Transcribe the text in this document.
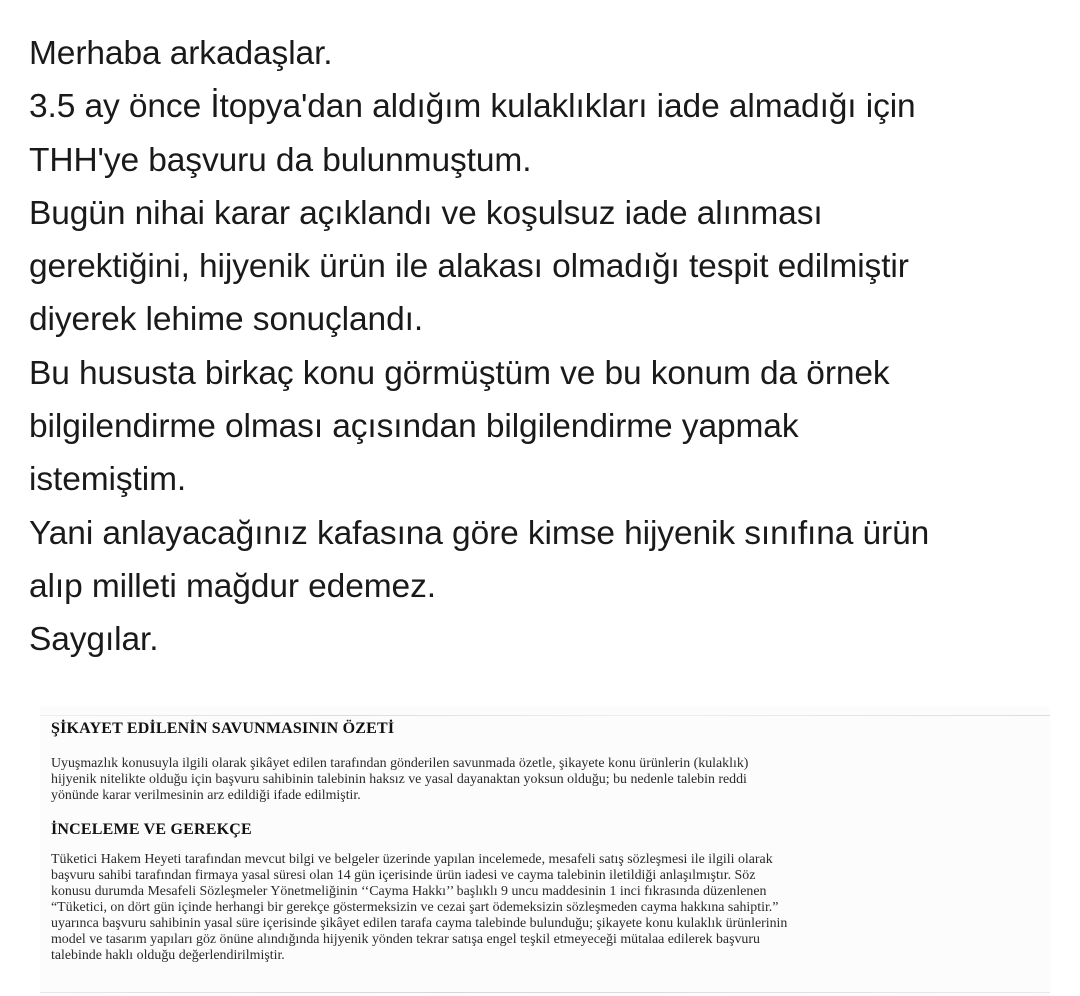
Merhaba arkadaşlar.
3.5 ay önce İtopya'dan aldığım kulaklıkları iade almadığı için
THH'ye başvuru da bulunmuştum.
Bugün nihai karar açıklandı ve koşulsuz iade alınması
gerektiğini, hijyenik ürün ile alakası olmadığı tespit edilmiştir
diyerek lehime sonuçlandı.
Bu hususta birkaç konu görmüştüm ve bu konum da örnek
bilgilendirme olması açısından bilgilendirme yapmak
istemiştim.
Yani anlayacağınız kafasına göre kimse hijyenik sınıfına ürün
alıp milleti mağdur edemez.
Saygılar.
ŞİKAYET EDİLENİN SAVUNMASININ ÖZETİ
Uyuşmazlık konusuyla ilgili olarak şikâyet edilen tarafından gönderilen savunmada özetle, şikayete konu ürünlerin (kulaklık)
hijyenik nitelikte olduğu için başvuru sahibinin talebinin haksız ve yasal dayanaktan yoksun olduğu; bu nedenle talebin reddi
yönünde karar verilmesinin arz edildiği ifade edilmiştir.
İNCELEME VE GEREKÇE
Tüketici Hakem Heyeti tarafından mevcut bilgi ve belgeler üzerinde yapılan incelemede, mesafeli satış sözleşmesi ile ilgili olarak
başvuru sahibi tarafından firmaya yasal süresi olan 14 gün içerisinde ürün iadesi ve cayma talebinin iletildiği anlaşılmıştır. Söz
konusu durumda Mesafeli Sözleşmeler Yönetmeliğinin ‘‘Cayma Hakkı’’ başlıklı 9 uncu maddesinin 1 inci fıkrasında düzenlenen
“Tüketici, on dört gün içinde herhangi bir gerekçe göstermeksizin ve cezai şart ödemeksizin sözleşmeden cayma hakkına sahiptir.”
uyarınca başvuru sahibinin yasal süre içerisinde şikâyet edilen tarafa cayma talebinde bulunduğu; şikayete konu kulaklık ürünlerinin
model ve tasarım yapıları göz önüne alındığında hijyenik yönden tekrar satışa engel teşkil etmeyeceği mütalaa edilerek başvuru
talebinde haklı olduğu değerlendirilmiştir.
